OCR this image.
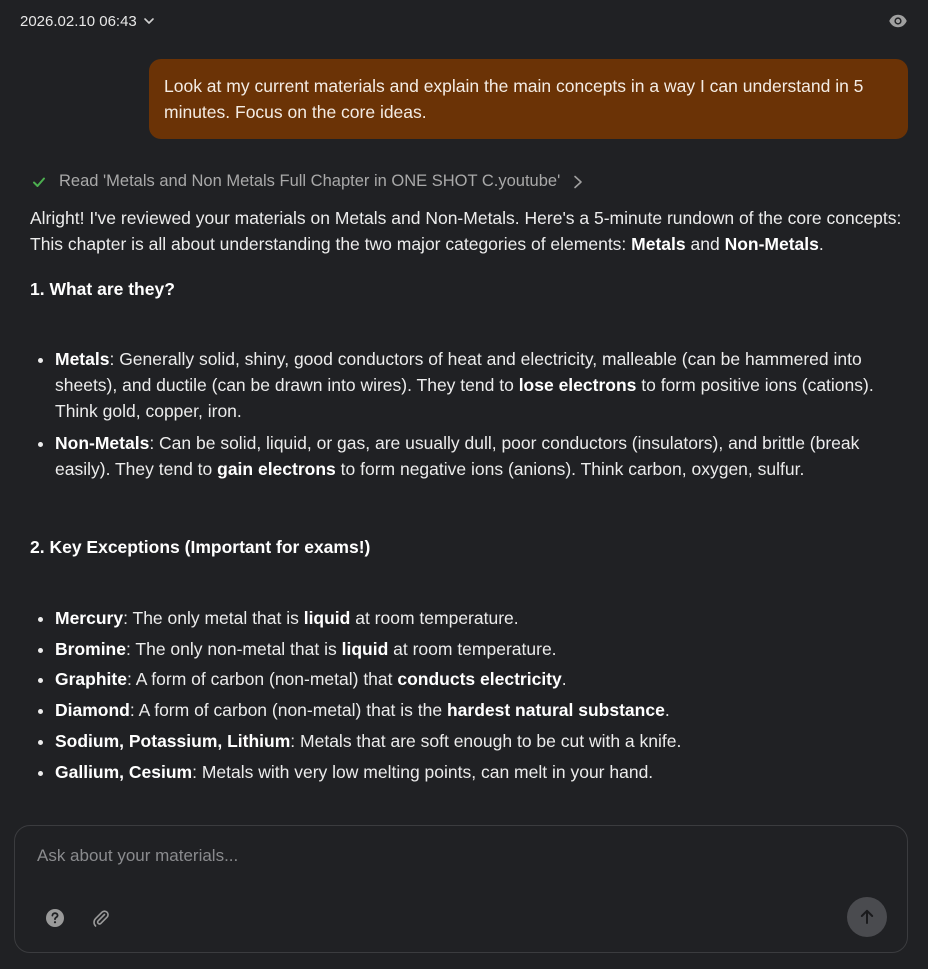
2026.02.10 06:43
Look at my current materials and explain the main concepts in a way I can understand in 5 minutes. Focus on the core ideas.
Read 'Metals and Non Metals Full Chapter in ONE SHOT C.youtube'

Alright! I've reviewed your materials on Metals and Non-Metals. Here's a 5-minute rundown of the core concepts:

This chapter is all about understanding the two major categories of elements: Metals and Non-Metals.

1. What are they?

• Metals: Generally solid, shiny, good conductors of heat and electricity, malleable (can be hammered into sheets), and ductile (can be drawn into wires). They tend to lose electrons to form positive ions (cations). Think gold, copper, iron.
• Non-Metals: Can be solid, liquid, or gas, are usually dull, poor conductors (insulators), and brittle (break easily). They tend to gain electrons to form negative ions (anions). Think carbon, oxygen, sulfur.

2. Key Exceptions (Important for exams!)

• Mercury: The only metal that is liquid at room temperature.
• Bromine: The only non-metal that is liquid at room temperature.
• Graphite: A form of carbon (non-metal) that conducts electricity.
• Diamond: A form of carbon (non-metal) that is the hardest natural substance.
• Sodium, Potassium, Lithium: Metals that are soft enough to be cut with a knife.
• Gallium, Cesium: Metals with very low melting points, can melt in your hand.
Ask about your materials...
